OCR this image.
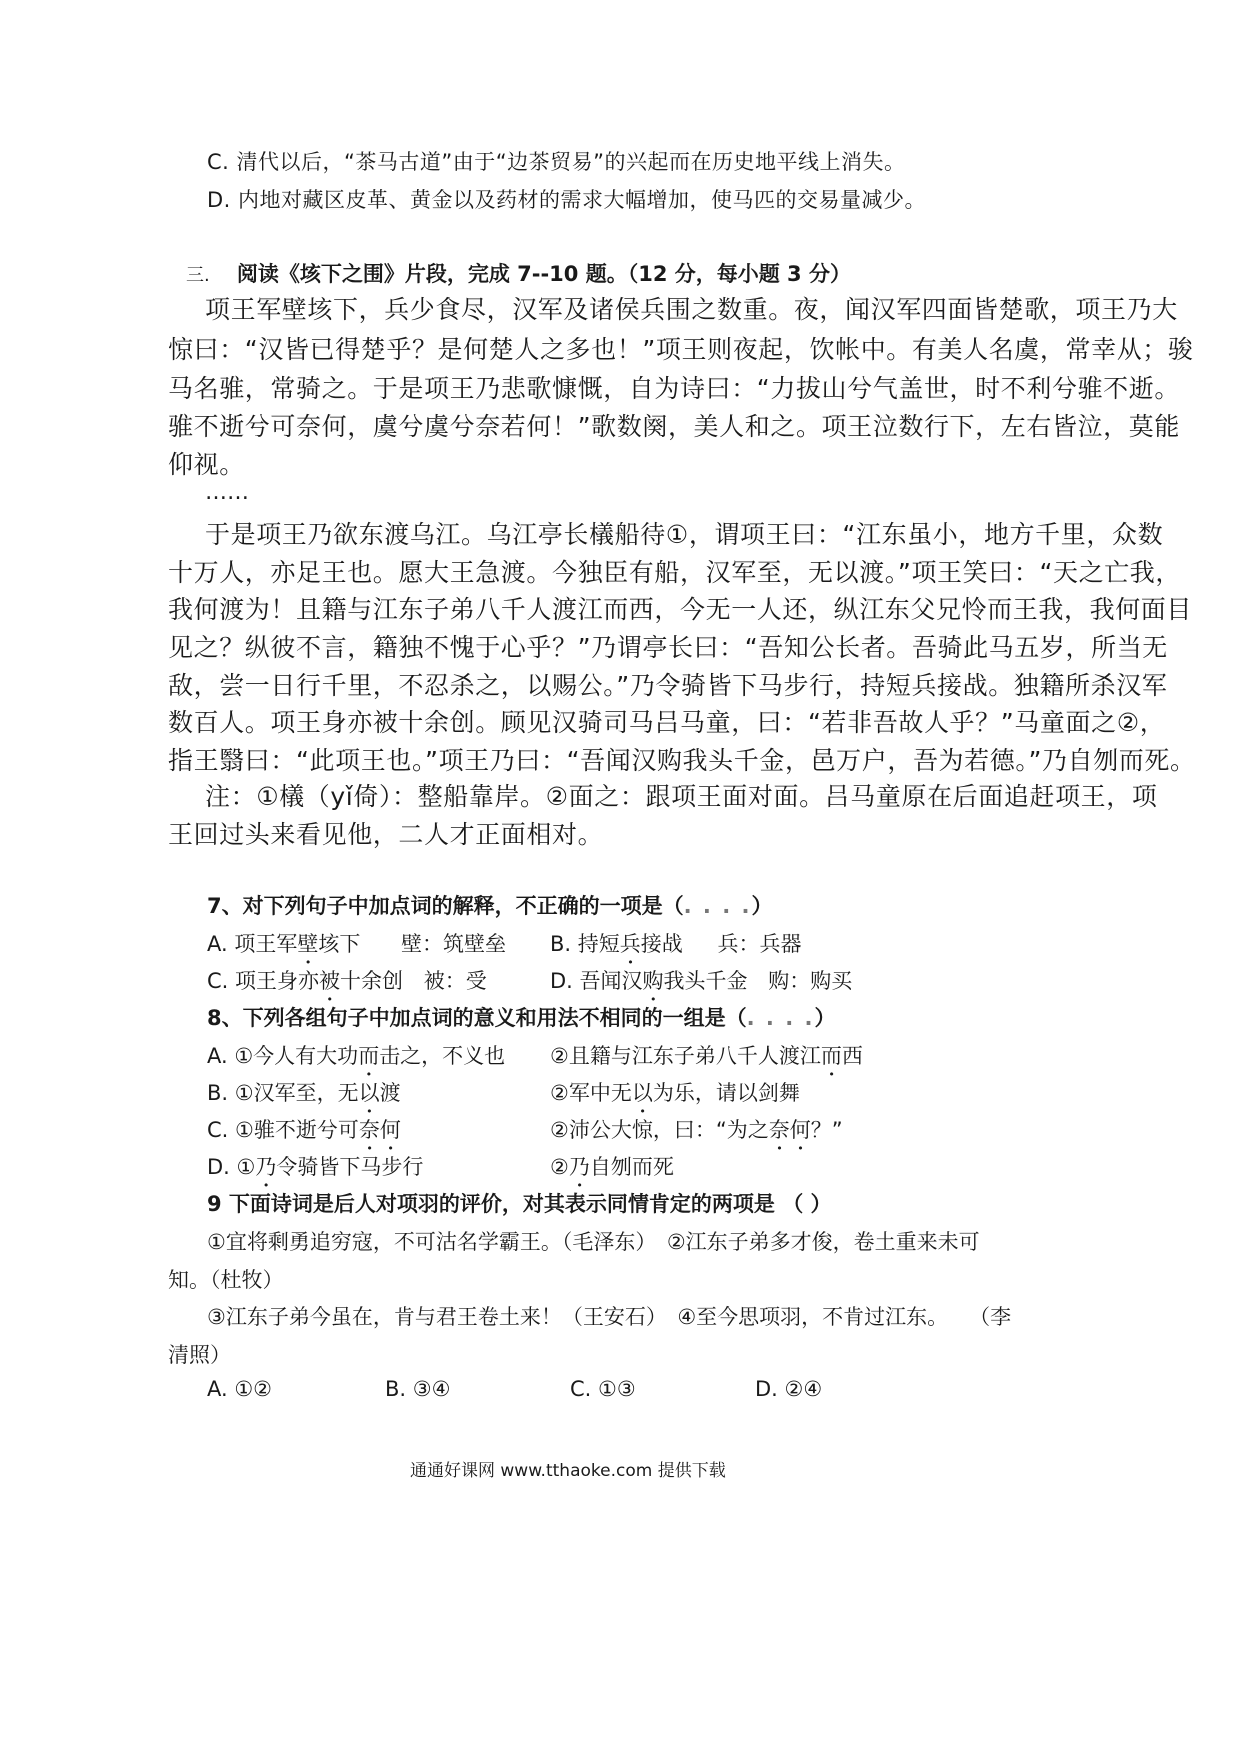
C. 清代以后，“茶马古道”由于“边茶贸易”的兴起而在历史地平线上消失。
D. 内地对藏区皮革、黄金以及药材的需求大幅增加，使马匹的交易量减少。
三. 阅读《垓下之围》片段，完成 7--10 题。（12 分，每小题 3 分）
项王军壁垓下，兵少食尽，汉军及诸侯兵围之数重。夜，闻汉军四面皆楚歌，项王乃大
惊曰：“汉皆已得楚乎？是何楚人之多也！”项王则夜起，饮帐中。有美人名虞，常幸从；骏
马名骓，常骑之。于是项王乃悲歌慷慨，自为诗曰：“力拔山兮气盖世，时不利兮骓不逝。
骓不逝兮可奈何，虞兮虞兮奈若何！”歌数阕，美人和之。项王泣数行下，左右皆泣，莫能
仰视。
……
于是项王乃欲东渡乌江。乌江亭长檥船待①，谓项王曰：“江东虽小，地方千里，众数
十万人，亦足王也。愿大王急渡。今独臣有船，汉军至，无以渡。”项王笑曰：“天之亡我，
我何渡为！且籍与江东子弟八千人渡江而西，今无一人还，纵江东父兄怜而王我，我何面目
见之？纵彼不言，籍独不愧于心乎？”乃谓亭长曰：“吾知公长者。吾骑此马五岁，所当无
敌，尝一日行千里，不忍杀之，以赐公。”乃令骑皆下马步行，持短兵接战。独籍所杀汉军
数百人。项王身亦被十余创。顾见汉骑司马吕马童，曰：“若非吾故人乎？”马童面之②，
指王翳曰：“此项王也。”项王乃曰：“吾闻汉购我头千金，邑万户，吾为若德。”乃自刎而死。
注：①檥（yǐ倚）：整船靠岸。②面之：跟项王面对面。吕马童原在后面追赶项王，项
王回过头来看见他，二人才正面相对。
7、对下列句子中加点词的解释，不正确的一项是（. . . .）
A. 项王军壁垓下 壁：筑壁垒 B. 持短兵接战 兵：兵器
C. 项王身亦被十余创 被：受	D. 吾闻汉购我头千金 购：购买
8、下列各组句子中加点词的意义和用法不相同的一组是（. . . .）
A. ①今人有大功而击之，不义也 ②且籍与江东子弟八千人渡江而西
B. ①汉军至，无以渡	②军中无以为乐，请以剑舞
C. ①骓不逝兮可奈何	②沛公大惊，曰：“为之奈何？”
D. ①乃令骑皆下马步行	②乃自刎而死
9 下面诗词是后人对项羽的评价，对其表示同情肯定的两项是 （ ）
①宜将剩勇追穷寇，不可沽名学霸王。（毛泽东）　②江东子弟多才俊，卷土重来未可
知。（杜牧）
③江东子弟今虽在，肯与君王卷土来！（王安石）　④至今思项羽，不肯过江东。　　（李
清照）
A. ①②	B. ③④	C. ①③	D. ②④
通通好课网 www.tthaoke.com 提供下载
